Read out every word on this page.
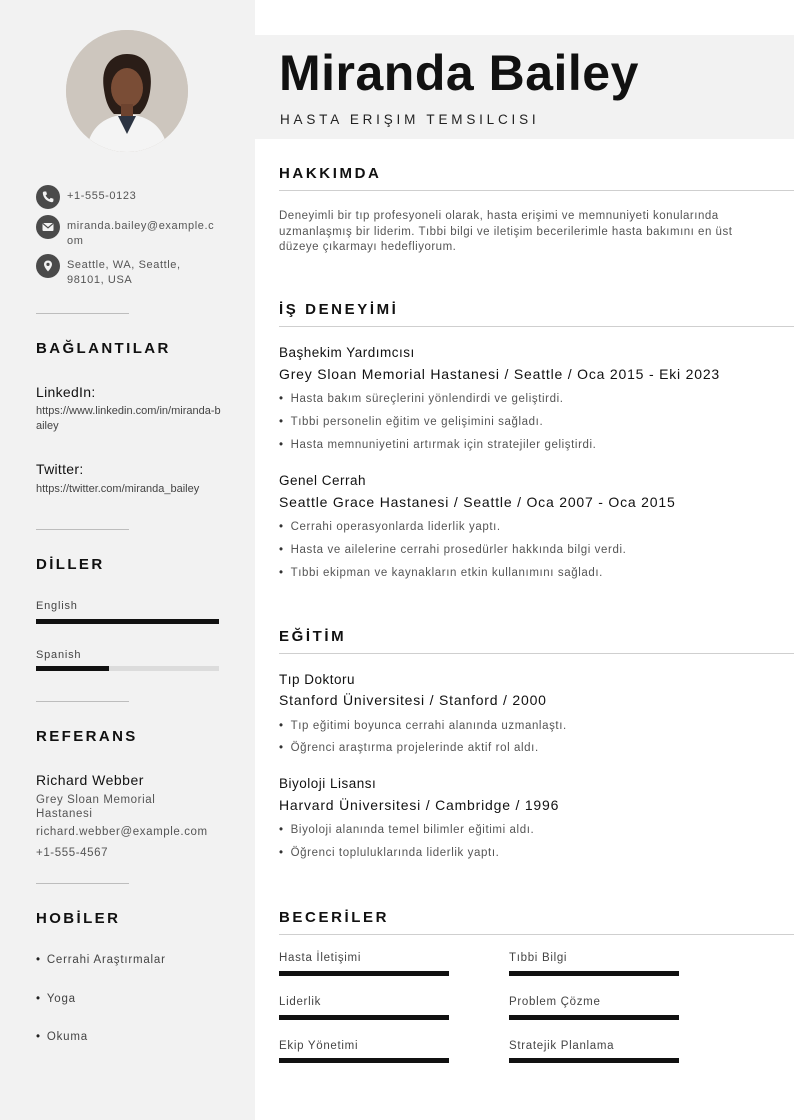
+1-555-0123
miranda.bailey@example.com
Seattle, WA, Seattle, 98101, USA
BAĞLANTILAR
LinkedIn:
https://www.linkedin.com/in/miranda-bailey
Twitter:
https://twitter.com/miranda_bailey
DİLLER
English
Spanish
REFERANS
Richard Webber
Grey Sloan Memorial Hastanesi
richard.webber@example.com
+1-555-4567
HOBİLER
• Cerrahi Araştırmalar
• Yoga
• Okuma
Miranda Bailey
HASTA ERIŞIM TEMSILCISI
HAKKIMDA
Deneyimli bir tıp profesyoneli olarak, hasta erişimi ve memnuniyeti konularında uzmanlaşmış bir liderim. Tıbbi bilgi ve iletişim becerilerimle hasta bakımını en üst düzeye çıkarmayı hedefliyorum.
İŞ DENEYİMİ
Başhekim Yardımcısı
Grey Sloan Memorial Hastanesi / Seattle / Oca 2015 - Eki 2023
• Hasta bakım süreçlerini yönlendirdi ve geliştirdi.
• Tıbbi personelin eğitim ve gelişimini sağladı.
• Hasta memnuniyetini artırmak için stratejiler geliştirdi.
Genel Cerrah
Seattle Grace Hastanesi / Seattle / Oca 2007 - Oca 2015
• Cerrahi operasyonlarda liderlik yaptı.
• Hasta ve ailelerine cerrahi prosedürler hakkında bilgi verdi.
• Tıbbi ekipman ve kaynakların etkin kullanımını sağladı.
EĞİTİM
Tıp Doktoru
Stanford Üniversitesi / Stanford / 2000
• Tıp eğitimi boyunca cerrahi alanında uzmanlaştı.
• Öğrenci araştırma projelerinde aktif rol aldı.
Biyoloji Lisansı
Harvard Üniversitesi / Cambridge / 1996
• Biyoloji alanında temel bilimler eğitimi aldı.
• Öğrenci topluluklarında liderlik yaptı.
BECERİLER
Hasta İletişimi	Tıbbi Bilgi
Liderlik	Problem Çözme
Ekip Yönetimi	Stratejik Planlama
